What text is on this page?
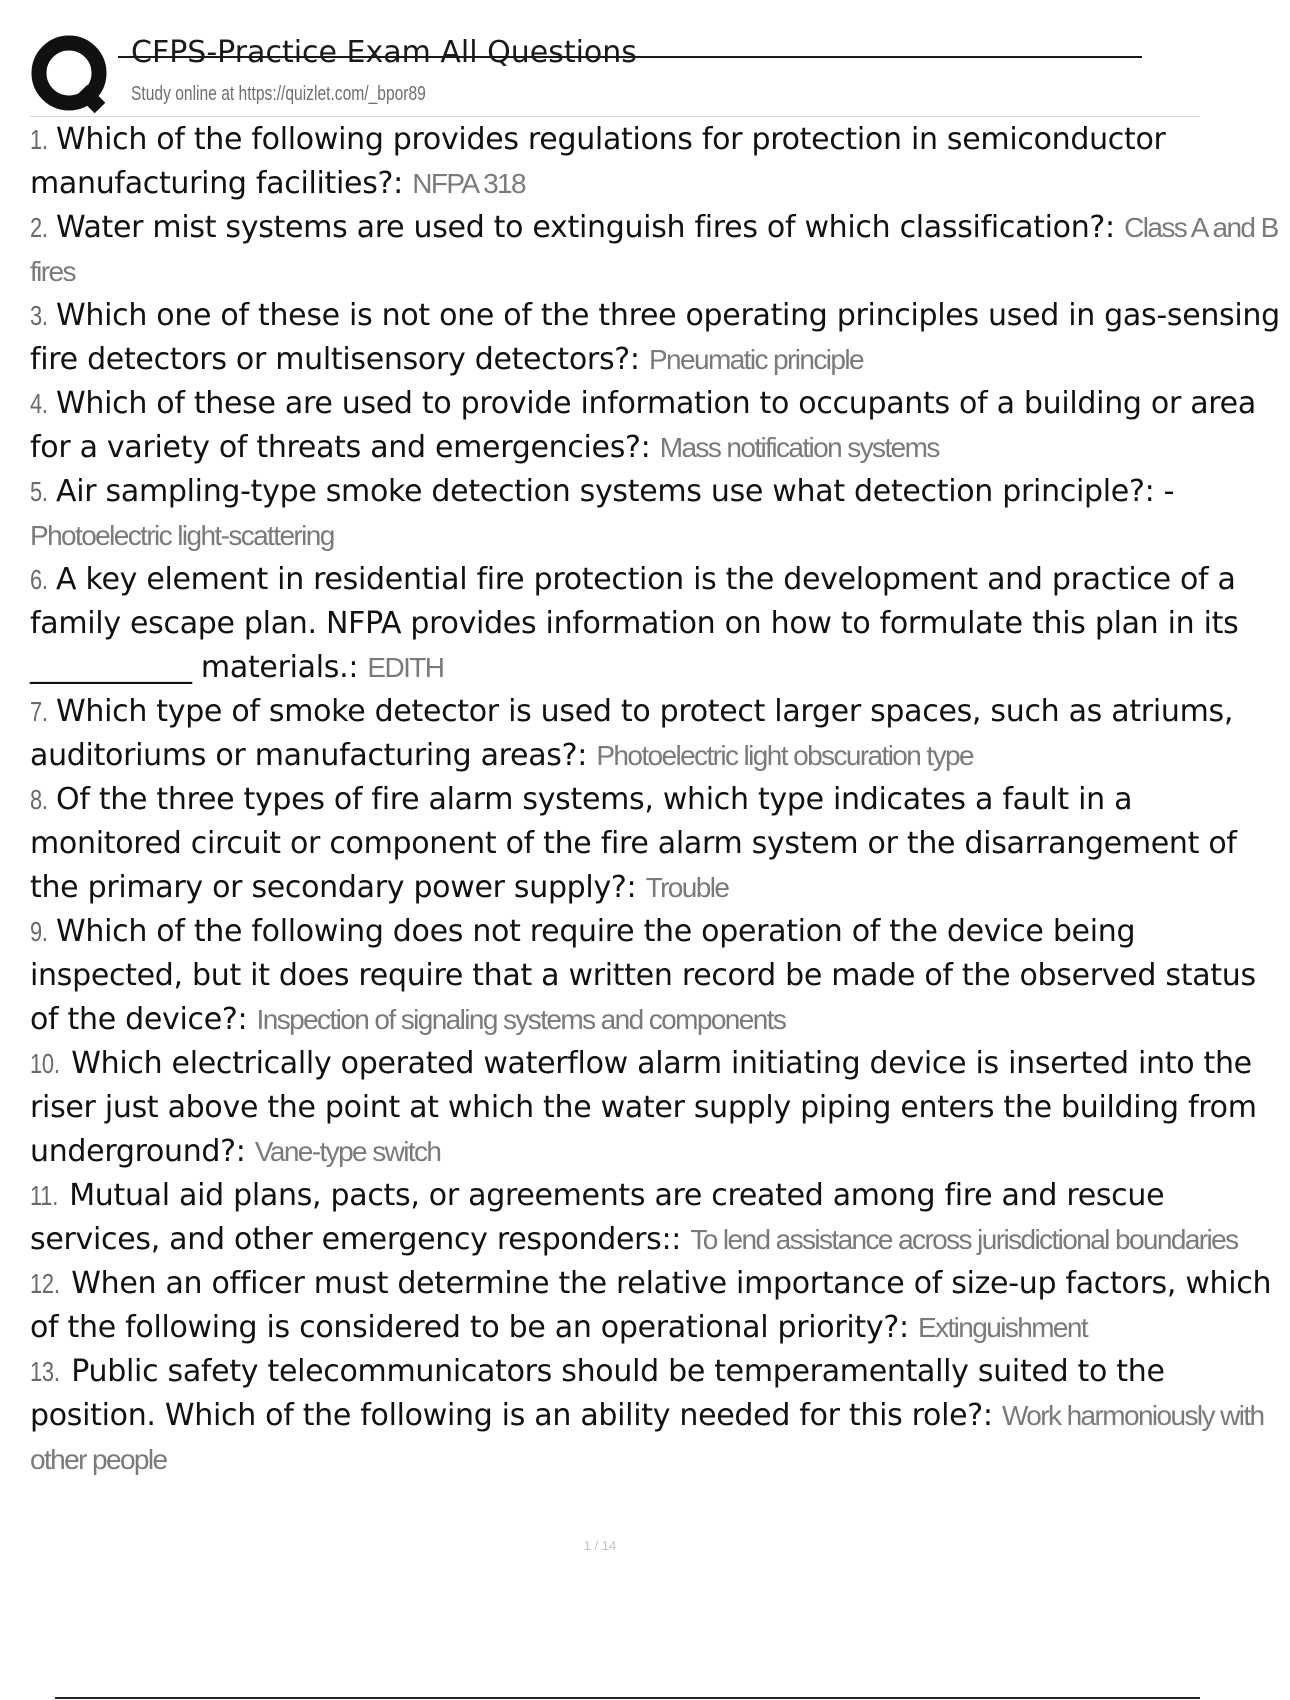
CFPS-Practice Exam All Questions
Study online at https://quizlet.com/_bpor89

1. Which of the following provides regulations for protection in semiconductor manufacturing facilities?: NFPA 318

2. Water mist systems are used to extinguish fires of which classification?: Class A and B fires

3. Which one of these is not one of the three operating principles used in gas-sensing fire detectors or multisensory detectors?: Pneumatic principle

4. Which of these are used to provide information to occupants of a building or area for a variety of threats and emergencies?: Mass notification systems

5. Air sampling-type smoke detection systems use what detection principle?: - Photoelectric light-scattering

6. A key element in residential fire protection is the development and practice of a family escape plan. NFPA provides information on how to formulate this plan in its ___________ materials.: EDITH

7. Which type of smoke detector is used to protect larger spaces, such as atriums, auditoriums or manufacturing areas?: Photoelectric light obscuration type

8. Of the three types of fire alarm systems, which type indicates a fault in a monitored circuit or component of the fire alarm system or the disarrangement of the primary or secondary power supply?: Trouble

9. Which of the following does not require the operation of the device being inspected, but it does require that a written record be made of the observed status of the device?: Inspection of signaling systems and components

10. Which electrically operated waterflow alarm initiating device is inserted into the riser just above the point at which the water supply piping enters the building from underground?: Vane-type switch

11. Mutual aid plans, pacts, or agreements are created among fire and rescue services, and other emergency responders:: To lend assistance across jurisdictional boundaries

12. When an officer must determine the relative importance of size-up factors, which of the following is considered to be an operational priority?: Extinguishment

13. Public safety telecommunicators should be temperamentally suited to the position. Which of the following is an ability needed for this role?: Work harmoniously with other people

1 / 14
